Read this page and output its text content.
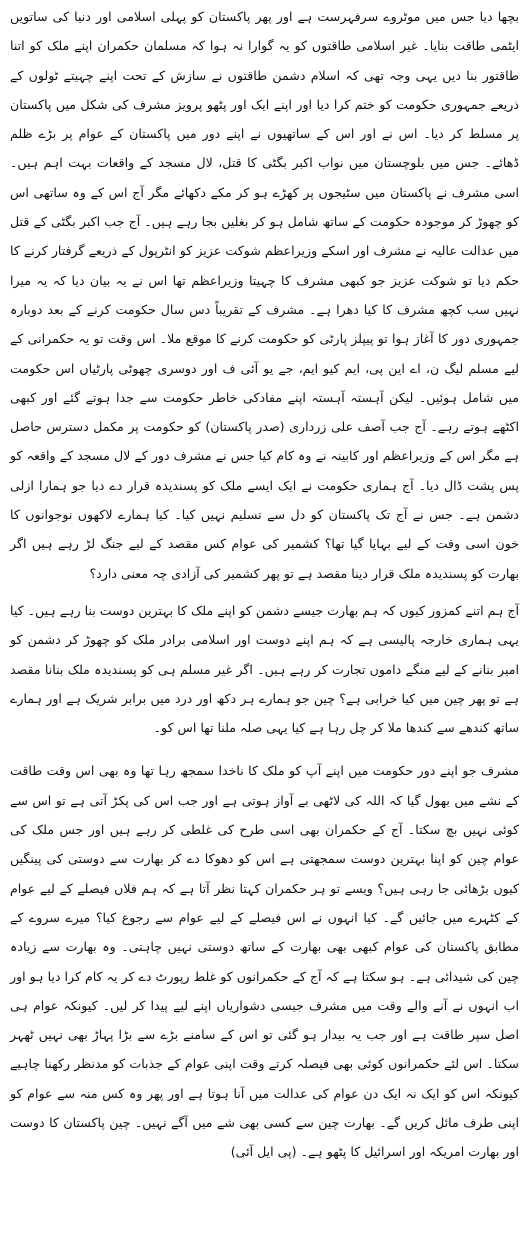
بچھا دیا جس میں موٹروے سرفہرست ہے اور پھر پاکستان کو پہلی اسلامی اور دنیا کی ساتویں ایٹمی طاقت بنایا۔ غیر اسلامی طاقتوں کو یہ گوارا نہ ہوا کہ مسلمان حکمران اپنے ملک کو اتنا طاقتور بنا دیں یہی وجہ تھی کہ اسلام دشمن طاقتوں نے سازش کے تحت اپنے چہیتے ٹولوں کے ذریعے جمہوری حکومت کو ختم کرا دیا اور اپنے ایک اور پٹھو پرویز مشرف کی شکل میں پاکستان پر مسلط کر دیا۔ اس نے اور اس کے ساتھیوں نے اپنے دور میں پاکستان کے عوام پر بڑے ظلم ڈھائے۔ جس میں بلوچستان میں نواب اکبر بگٹی کا قتل، لال مسجد کے واقعات بہت اہم ہیں۔ اسی مشرف نے پاکستان میں سٹیجوں پر کھڑے ہو کر مکے دکھائے مگر آج اس کے وہ ساتھی اس کو چھوڑ کر موجودہ حکومت کے ساتھ شامل ہو کر بغلیں بجا رہے ہیں۔ آج جب اکبر بگٹی کے قتل میں عدالت عالیہ نے مشرف اور اسکے وزیراعظم شوکت عزیز کو انٹرپول کے ذریعے گرفتار کرنے کا حکم دیا تو شوکت عزیز جو کبھی مشرف کا چہیتا وزیراعظم تھا اس نے یہ بیان دیا کہ یہ میرا نہیں سب کچھ مشرف کا کیا دھرا ہے۔ مشرف کے تقریباً دس سال حکومت کرنے کے بعد دوبارہ جمہوری دور کا آغاز ہوا تو پیپلز پارٹی کو حکومت کرنے کا موقع ملا۔ اس وقت تو یہ حکمرانی کے لیے مسلم لیگ ن، اے این پی، ایم کیو ایم، جے یو آئی ف اور دوسری چھوٹی پارٹیاں اس حکومت میں شامل ہوئیں۔ لیکن آہستہ آہستہ اپنے مفادکی خاطر حکومت سے جدا ہوتے گئے اور کبھی اکٹھے ہوتے رہے۔ آج جب آصف علی زرداری (صدر پاکستان) کو حکومت پر مکمل دسترس حاصل ہے مگر اس کے وزیراعظم اور کابینہ نے وہ کام کیا جس نے مشرف دور کے لال مسجد کے واقعہ کو پس پشت ڈال دیا۔ آج ہماری حکومت نے ایک ایسے ملک کو پسندیدہ قرار دے دیا جو ہمارا ازلی دشمن ہے۔ جس نے آج تک پاکستان کو دل سے تسلیم نہیں کیا۔ کیا ہمارے لاکھوں نوجوانوں کا خون اسی وقت کے لیے بہایا گیا تھا؟ کشمیر کی عوام کس مقصد کے لیے جنگ لڑ رہے ہیں اگر بھارت کو پسندیدہ ملک قرار دینا مقصد ہے تو پھر کشمیر کی آزادی چہ معنی دارد؟

آج ہم اتنے کمزور کیوں کہ ہم بھارت جیسے دشمن کو اپنے ملک کا بہترین دوست بنا رہے ہیں۔ کیا یہی ہماری خارجہ پالیسی ہے کہ ہم اپنے دوست اور اسلامی برادر ملک کو چھوڑ کر دشمن کو امیر بنانے کے لیے منگے داموں تجارت کر رہے ہیں۔ اگر غیر مسلم ہی کو پسندیدہ ملک بنانا مقصد ہے تو پھر چین میں کیا خرابی ہے؟ چین جو ہمارے ہر دکھ اور درد میں برابر شریک ہے اور ہمارے ساتھ کندھے سے کندھا ملا کر چل رہا ہے کیا یہی صلہ ملنا تھا اس کو۔

مشرف جو اپنے دور حکومت میں اپنے آپ کو ملک کا ناخدا سمجھ رہا تھا وہ بھی اس وقت طاقت کے نشے میں بھول گیا کہ اللہ کی لاٹھی بے آواز ہوتی ہے اور جب اس کی پکڑ آتی ہے تو اس سے کوئی نہیں بچ سکتا۔ آج کے حکمران بھی اسی طرح کی غلطی کر رہے ہیں اور جس ملک کی عوام چین کو اپنا بہترین دوست سمجھتی ہے اس کو دھوکا دے کر بھارت سے دوستی کی پینگیں کیوں بڑھائی جا رہی ہیں؟ ویسے تو ہر حکمران کہتا نظر آتا ہے کہ ہم فلاں فیصلے کے لیے عوام کے کٹہرے میں جائیں گے۔ کیا انہوں نے اس فیصلے کے لیے عوام سے رجوع کیا؟ میرے سروے کے مطابق پاکستان کی عوام کبھی بھی بھارت کے ساتھ دوستی نہیں چاہتی۔ وہ بھارت سے زیادہ چین کی شیدائی ہے۔ ہو سکتا ہے کہ آج کے حکمرانوں کو غلط رپورٹ دے کر یہ کام کرا دیا ہو اور اب انہوں نے آنے والے وقت میں مشرف جیسی دشواریاں اپنے لیے پیدا کر لیں۔ کیونکہ عوام ہی اصل سپر طاقت ہے اور جب یہ بیدار ہو گئی تو اس کے سامنے بڑے سے بڑا پہاڑ بھی نہیں ٹھہر سکتا۔ اس لئے حکمرانوں کوئی بھی فیصلہ کرتے وقت اپنی عوام کے جذبات کو مدنظر رکھنا چاہیے کیونکہ اس کو ایک نہ ایک دن عوام کی عدالت میں آنا ہوتا ہے اور پھر وہ کس منہ سے عوام کو اپنی طرف مائل کریں گے۔ بھارت چین سے کسی بھی شے میں آگے نہیں۔ چین پاکستان کا دوست اور بھارت امریکہ اور اسرائیل کا پٹھو ہے۔ (پی ایل آئی)
